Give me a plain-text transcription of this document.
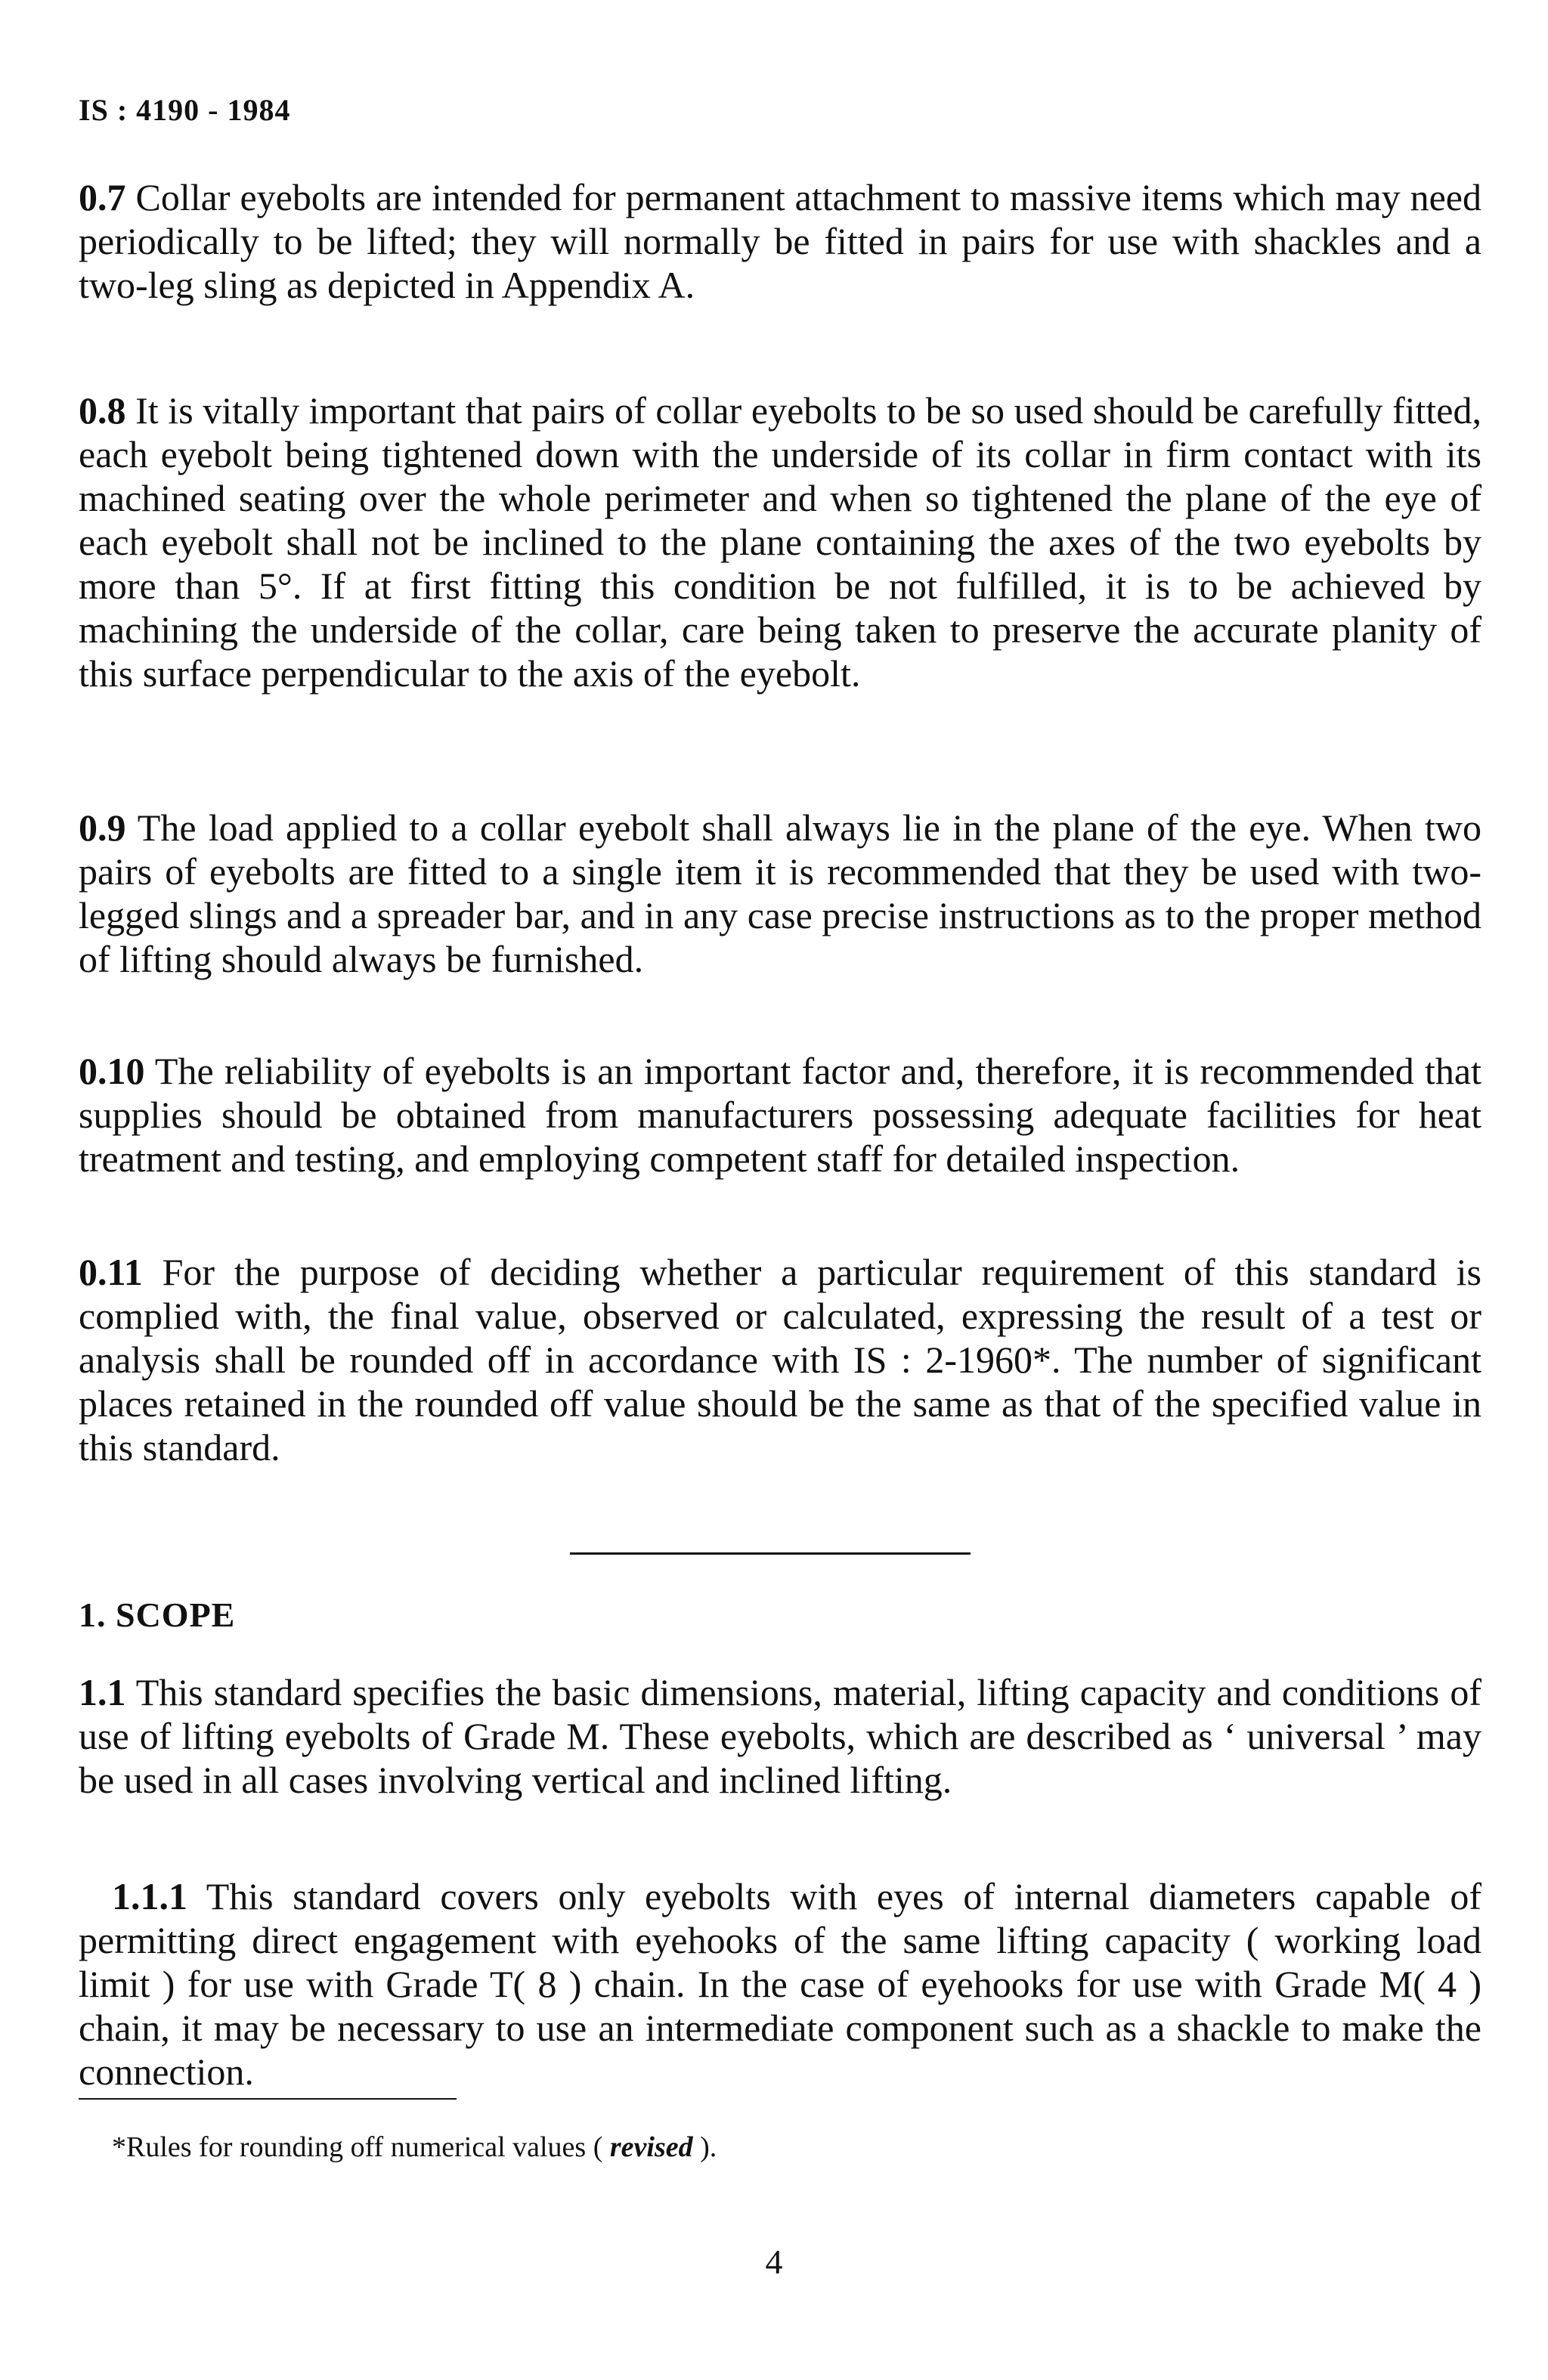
IS : 4190 - 1984

0.7 Collar eyebolts are intended for permanent attachment to massive items which may need periodically to be lifted; they will normally be fitted in pairs for use with shackles and a two-leg sling as depicted in Appendix A.

0.8 It is vitally important that pairs of collar eyebolts to be so used should be carefully fitted, each eyebolt being tightened down with the underside of its collar in firm contact with its machined seating over the whole perimeter and when so tightened the plane of the eye of each eyebolt shall not be inclined to the plane containing the axes of the two eyebolts by more than 5°. If at first fitting this condition be not fulfilled, it is to be achieved by machining the underside of the collar, care being taken to preserve the accurate planity of this surface perpendicular to the axis of the eyebolt.

0.9 The load applied to a collar eyebolt shall always lie in the plane of the eye. When two pairs of eyebolts are fitted to a single item it is recommended that they be used with two-legged slings and a spreader bar, and in any case precise instructions as to the proper method of lifting should always be furnished.

0.10 The reliability of eyebolts is an important factor and, therefore, it is recommended that supplies should be obtained from manufacturers possessing adequate facilities for heat treatment and testing, and employing competent staff for detailed inspection.

0.11 For the purpose of deciding whether a particular requirement of this standard is complied with, the final value, observed or calculated, expressing the result of a test or analysis shall be rounded off in accordance with IS : 2-1960*. The number of significant places retained in the rounded off value should be the same as that of the specified value in this standard.

1. SCOPE

1.1 This standard specifies the basic dimensions, material, lifting capacity and conditions of use of lifting eyebolts of Grade M. These eyebolts, which are described as ‘ universal ’ may be used in all cases involving vertical and inclined lifting.

1.1.1 This standard covers only eyebolts with eyes of internal diameters capable of permitting direct engagement with eyehooks of the same lifting capacity ( working load limit ) for use with Grade T( 8 ) chain. In the case of eyehooks for use with Grade M( 4 ) chain, it may be necessary to use an intermediate component such as a shackle to make the connection.

*Rules for rounding off numerical values ( revised ).
4
